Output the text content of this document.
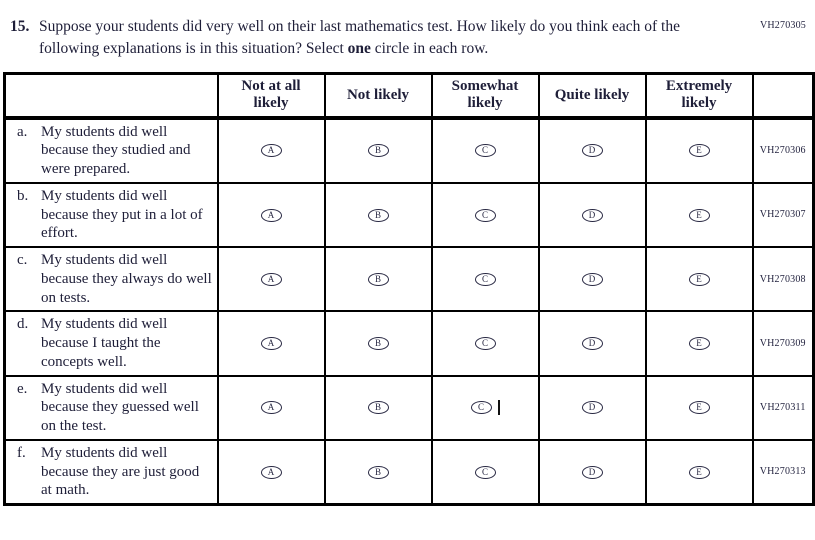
VH270305
15. Suppose your students did very well on their last mathematics test. How likely do you think each of the following explanations is in this situation? Select one circle in each row.
	Not at all likely	Not likely	Somewhat likely	Quite likely	Extremely likely	

a. My students did well because they studied and were prepared.	A	B	C	D	E	VH270306

b. My students did well because they put in a lot of effort.	A	B	C	D	E	VH270307

c. My students did well because they always do well on tests.	A	B	C	D	E	VH270308

d. My students did well because I taught the concepts well.	A	B	C	D	E	VH270309

e. My students did well because they guessed well on the test.	A	B	C	D	E	VH270311

f. My students did well because they are just good at math.	A	B	C	D	E	VH270313
